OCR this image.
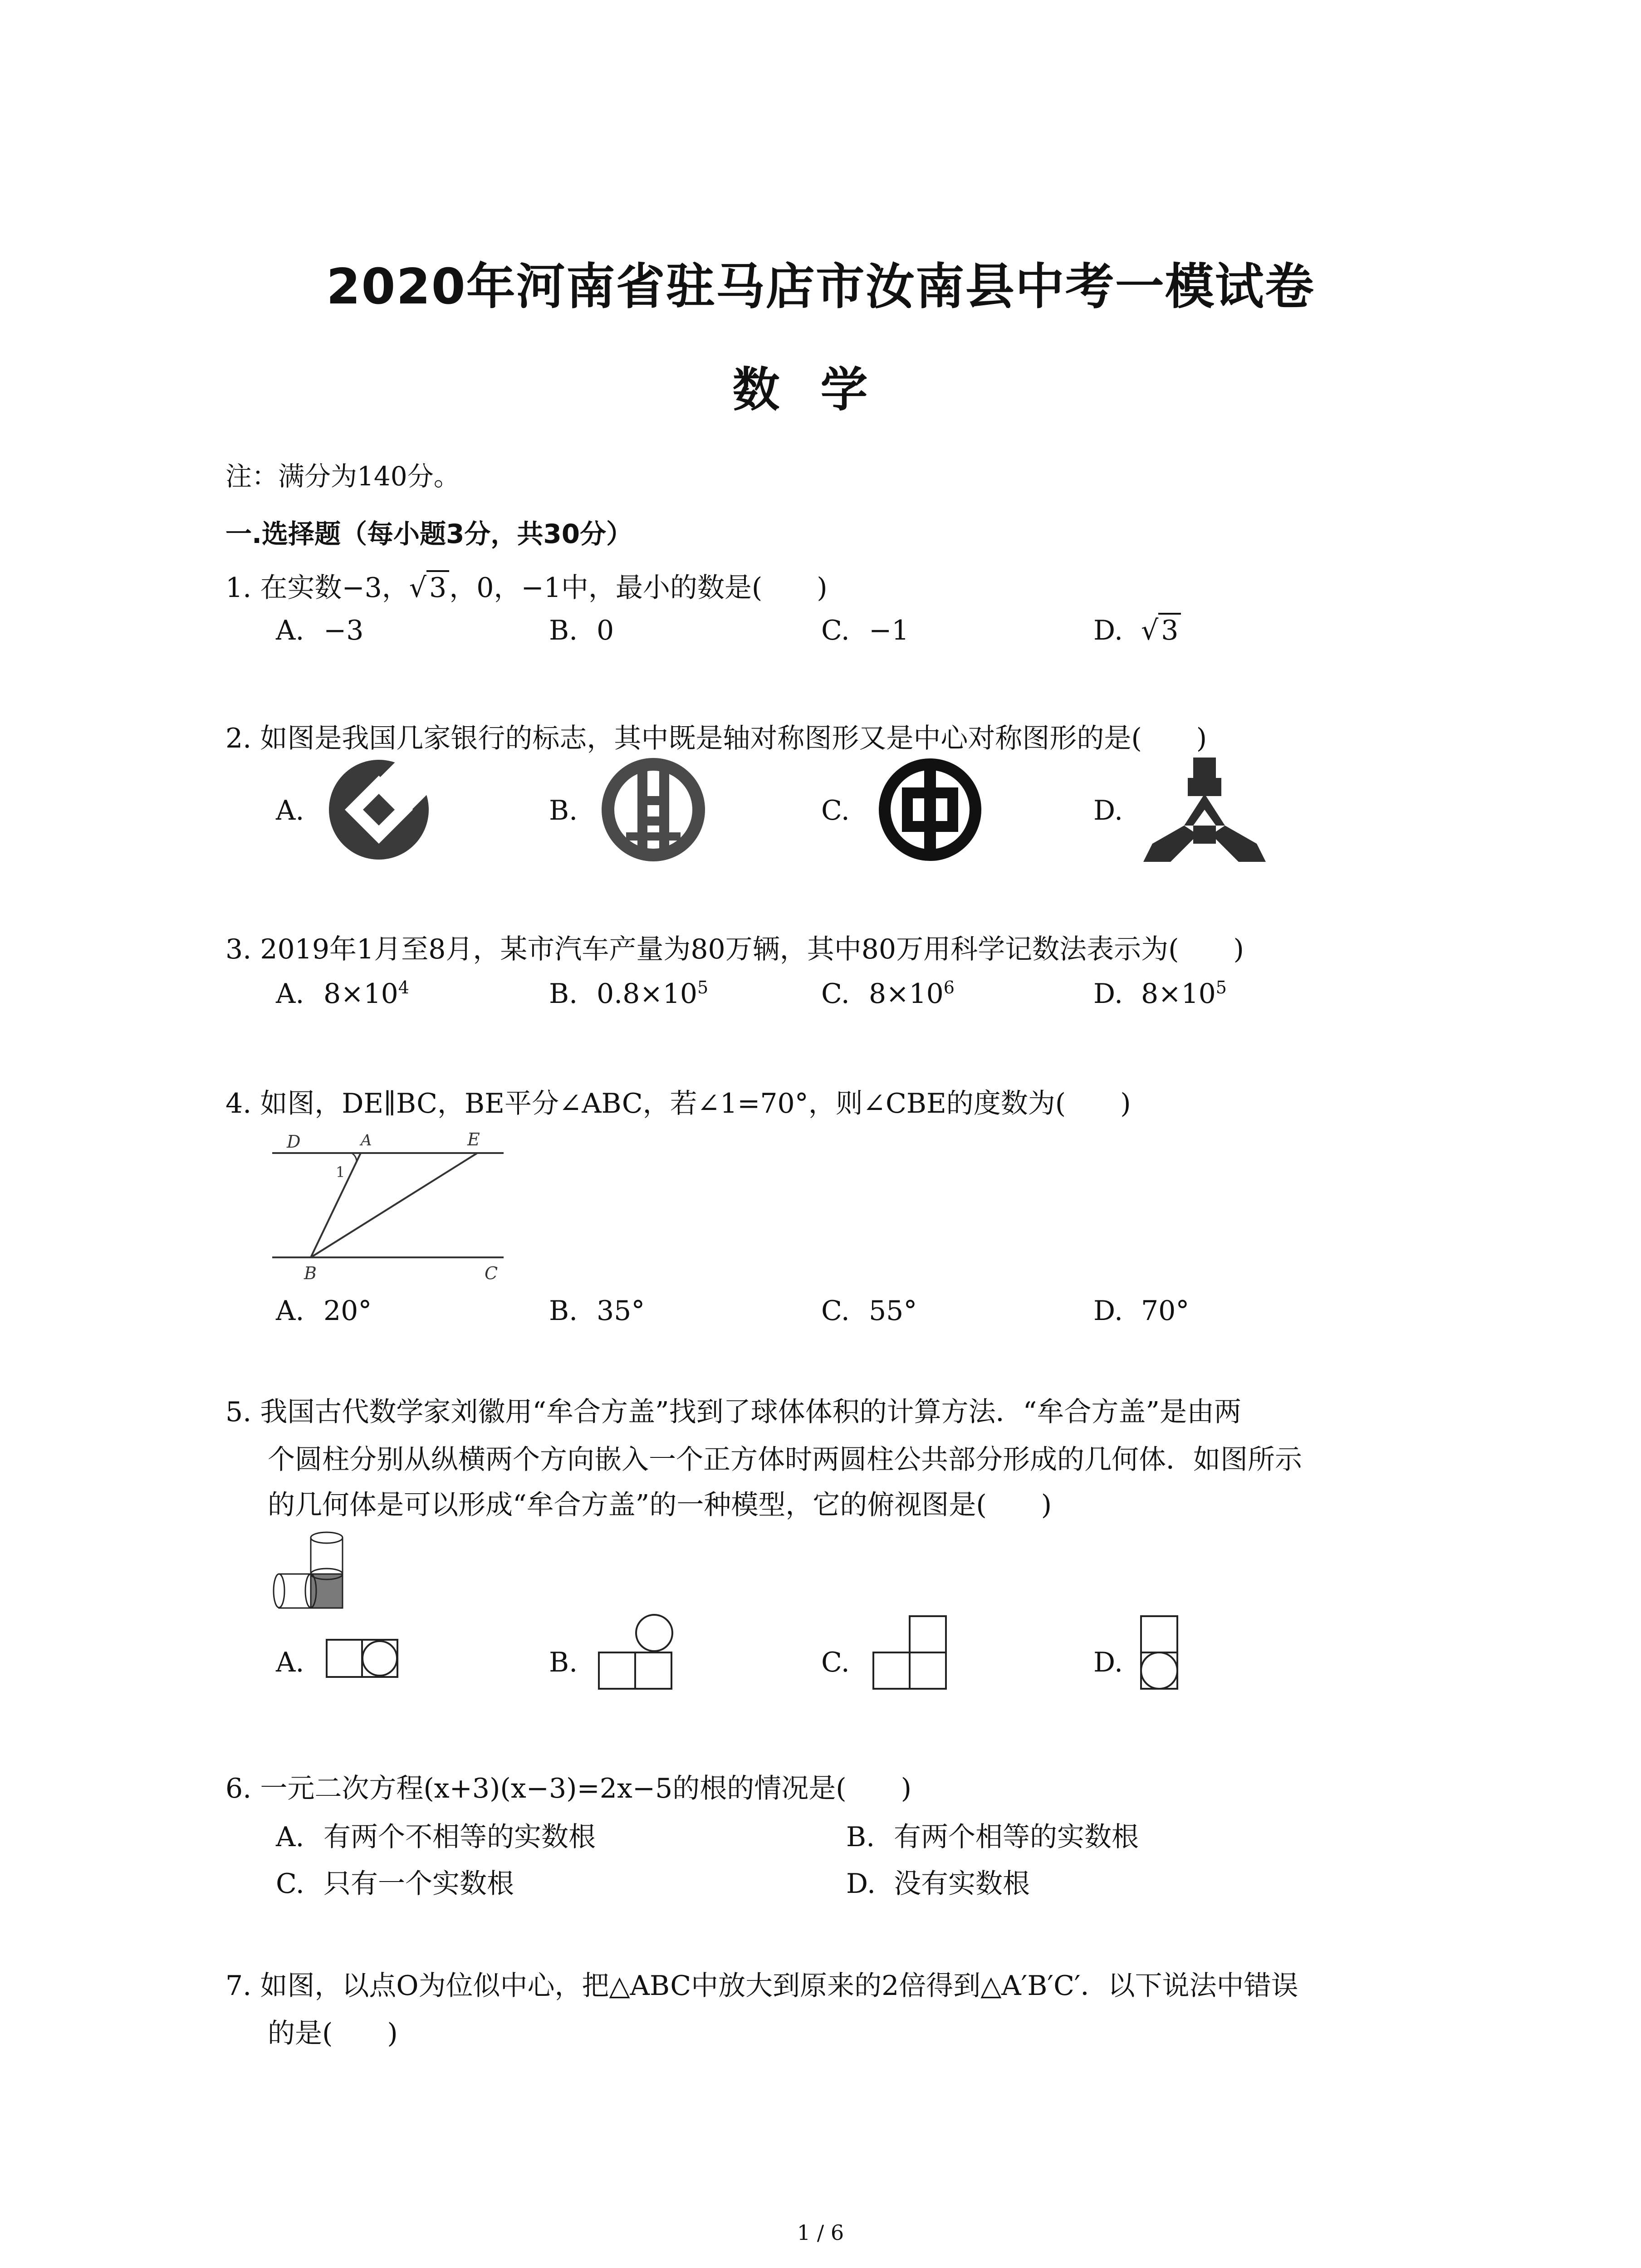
2020年河南省驻马店市汝南县中考一模试卷
数学
注：满分为140分。
一.选择题（每小题3分，共30分）
1. 在实数−3，√ 3 ，0，−1中，最小的数是(　　)
A. −3	B. 0	C. −1	D. √ 3
2. 如图是我国几家银行的标志，其中既是轴对称图形又是中心对称图形的是(　　)
A.	B.	C.	D.
3. 2019年1月至8月，某市汽车产量为80万辆，其中80万用科学记数法表示为(　　)
A. $8\times 10^4$	B. $0.8\times 10^5$	C. $8\times 10^6$	D. $8\times 10^5$
4. 如图，DE∥BC，BE平分∠ABC，若∠1=70°，则∠CBE的度数为(　　)
D	A	E
1
B	C
A. 20°	B. 35°	C. 55°	D. 70°
5. 我国古代数学家刘徽用“牟合方盖”找到了球体体积的计算方法．“牟合方盖”是由两
个圆柱分别从纵横两个方向嵌入一个正方体时两圆柱公共部分形成的几何体．如图所示
的几何体是可以形成“牟合方盖”的一种模型，它的俯视图是(　　)
A.	B.	C.	D.
6. 一元二次方程(x+3)(x−3)=2x−5的根的情况是(　　)
A. 有两个不相等的实数根	B. 有两个相等的实数根
C. 只有一个实数根	D. 没有实数根
7. 如图，以点O为位似中心，把△ABC中放大到原来的2倍得到△A′B′C′．以下说法中错误
的是(　　)
1 / 6
